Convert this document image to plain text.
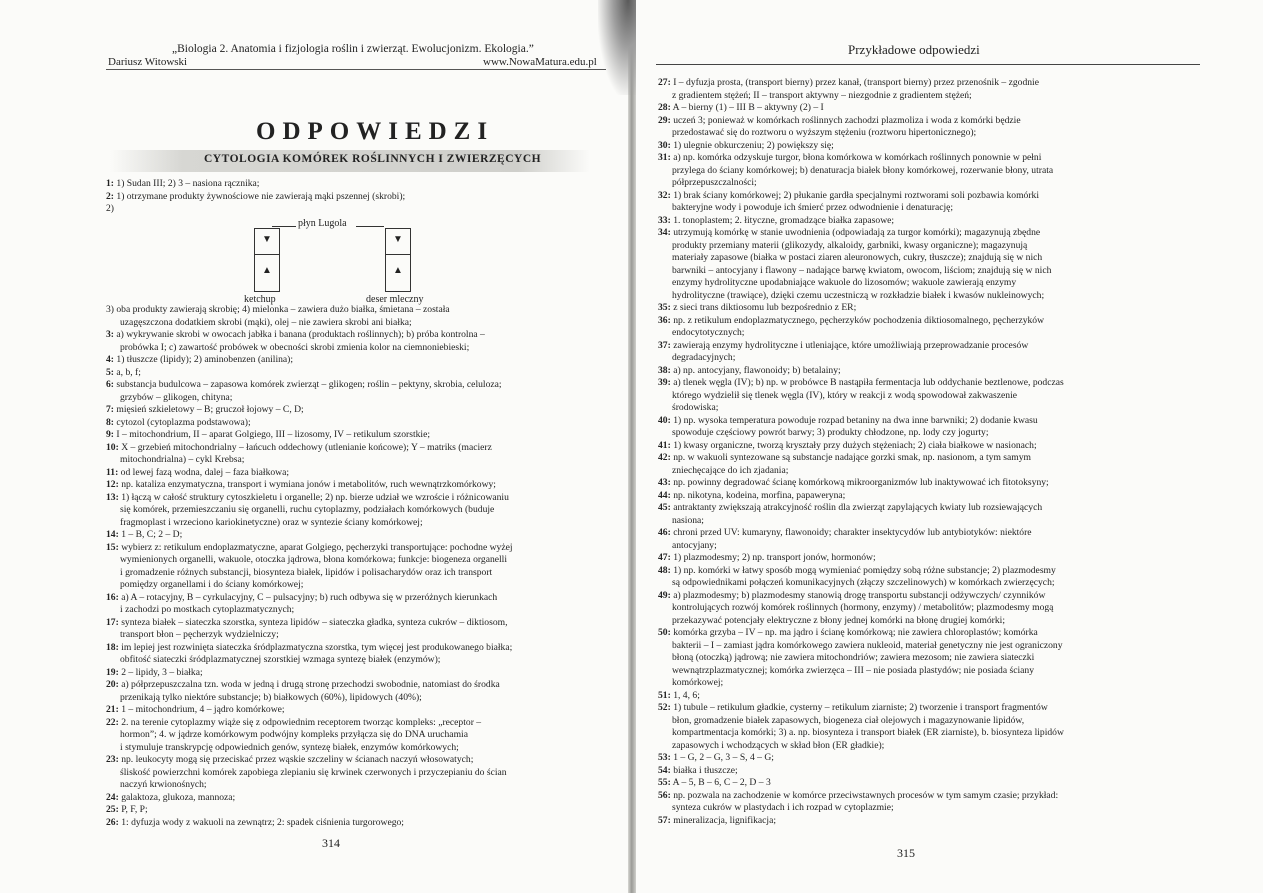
„Biologia 2. Anatomia i fizjologia roślin i zwierząt. Ewolucjonizm. Ekologia.”
Dariusz Witowski	www.NowaMatura.edu.pl
ODPOWIEDZI
CYTOLOGIA KOMÓREK ROŚLINNYCH I ZWIERZĘCYCH
1: 1) Sudan III; 2) 3 – nasiona rącznika;
2: 1) otrzymane produkty żywnościowe nie zawierają mąki pszennej (skrobi);
2)
płyn Lugola
▼
▲
▼
▲
ketchup	deser mleczny
3) oba produkty zawierają skrobię; 4) mielonka – zawiera dużo białka, śmietana – została
uzagęszczona dodatkiem skrobi (mąki), olej – nie zawiera skrobi ani białka;
3: a) wykrywanie skrobi w owocach jabłka i banana (produktach roślinnych); b) próba kontrolna –
probówka I; c) zawartość probówek w obecności skrobi zmienia kolor na ciemnoniebieski;
4: 1) tłuszcze (lipidy); 2) aminobenzen (anilina);
5: a, b, f;
6: substancja budulcowa – zapasowa komórek zwierząt – glikogen; roślin – pektyny, skrobia, celuloza;
grzybów – glikogen, chityna;
7: mięsień szkieletowy – B; gruczoł łojowy – C, D;
8: cytozol (cytoplazma podstawowa);
9: I – mitochondrium, II – aparat Golgiego, III – lizosomy, IV – retikulum szorstkie;
10: X – grzebień mitochondrialny – łańcuch oddechowy (utlenianie końcowe); Y – matriks (macierz
mitochondrialna) – cykl Krebsa;
11: od lewej fazą wodna, dalej – faza białkowa;
12: np. kataliza enzymatyczna, transport i wymiana jonów i metabolitów, ruch wewnątrzkomórkowy;
13: 1) łączą w całość struktury cytoszkieletu i organelle; 2) np. bierze udział we wzroście i różnicowaniu
się komórek, przemieszczaniu się organelli, ruchu cytoplazmy, podziałach komórkowych (buduje
fragmoplast i wrzeciono kariokinetyczne) oraz w syntezie ściany komórkowej;
14: 1 – B, C; 2 – D;
15: wybierz z: retikulum endoplazmatyczne, aparat Golgiego, pęcherzyki transportujące: pochodne wyżej
wymienionych organelli, wakuole, otoczka jądrowa, błona komórkowa; funkcje: biogeneza organelli
i gromadzenie różnych substancji, biosynteza białek, lipidów i polisacharydów oraz ich transport
pomiędzy organellami i do ściany komórkowej;
16: a) A – rotacyjny, B – cyrkulacyjny, C – pulsacyjny; b) ruch odbywa się w przeróżnych kierunkach
i zachodzi po mostkach cytoplazmatycznych;
17: synteza białek – siateczka szorstka, synteza lipidów – siateczka gładka, synteza cukrów – diktiosom,
transport błon – pęcherzyk wydzielniczy;
18: im lepiej jest rozwinięta siateczka śródplazmatyczna szorstka, tym więcej jest produkowanego białka;
obfitość siateczki śródplazmatycznej szorstkiej wzmaga syntezę białek (enzymów);
19: 2 – lipidy, 3 – białka;
20: a) półprzepuszczalna tzn. woda w jedną i drugą stronę przechodzi swobodnie, natomiast do środka
przenikają tylko niektóre substancje; b) białkowych (60%), lipidowych (40%);
21: 1 – mitochondrium, 4 – jądro komórkowe;
22: 2. na terenie cytoplazmy wiąże się z odpowiednim receptorem tworząc kompleks: „receptor –
hormon”; 4. w jądrze komórkowym podwójny kompleks przyłącza się do DNA uruchamia
i stymuluje transkrypcję odpowiednich genów, syntezę białek, enzymów komórkowych;
23: np. leukocyty mogą się przeciskać przez wąskie szczeliny w ścianach naczyń włosowatych;
śliskość powierzchni komórek zapobiega zlepianiu się krwinek czerwonych i przyczepianiu do ścian
naczyń krwionośnych;
24: galaktoza, glukoza, mannoza;
25: P, F, P;
26: 1: dyfuzja wody z wakuoli na zewnątrz; 2: spadek ciśnienia turgorowego;
314
Przykładowe odpowiedzi
27: I – dyfuzja prosta, (transport bierny) przez kanał, (transport bierny) przez przenośnik – zgodnie
z gradientem stężeń; II – transport aktywny – niezgodnie z gradientem stężeń;
28: A – bierny (1) – III B – aktywny (2) – I
29: uczeń 3; ponieważ w komórkach roślinnych zachodzi plazmoliza i woda z komórki będzie
przedostawać się do roztworu o wyższym stężeniu (roztworu hipertonicznego);
30: 1) ulegnie obkurczeniu; 2) powiększy się;
31: a) np. komórka odzyskuje turgor, błona komórkowa w komórkach roślinnych ponownie w pełni
przylega do ściany komórkowej; b) denaturacja białek błony komórkowej, rozerwanie błony, utrata
półprzepuszczalności;
32: 1) brak ściany komórkowej; 2) płukanie gardła specjalnymi roztworami soli pozbawia komórki
bakteryjne wody i powoduje ich śmierć przez odwodnienie i denaturację;
33: 1. tonoplastem; 2. łityczne, gromadzące białka zapasowe;
34: utrzymują komórkę w stanie uwodnienia (odpowiadają za turgor komórki); magazynują zbędne
produkty przemiany materii (glikozydy, alkaloidy, garbniki, kwasy organiczne); magazynują
materiały zapasowe (białka w postaci ziaren aleuronowych, cukry, tłuszcze); znajdują się w nich
barwniki – antocyjany i flawony – nadające barwę kwiatom, owocom, liściom; znajdują się w nich
enzymy hydrolityczne upodabniające wakuole do lizosomów; wakuole zawierają enzymy
hydrolityczne (trawiące), dzięki czemu uczestniczą w rozkładzie białek i kwasów nukleinowych;
35: z sieci trans diktiosomu lub bezpośrednio z ER;
36: np. z retikulum endoplazmatycznego, pęcherzyków pochodzenia diktiosomalnego, pęcherzyków
endocytotycznych;
37: zawierają enzymy hydrolityczne i utleniające, które umożliwiają przeprowadzanie procesów
degradacyjnych;
38: a) np. antocyjany, flawonoidy; b) betalainy;
39: a) tlenek węgla (IV); b) np. w probówce B nastąpiła fermentacja lub oddychanie beztlenowe, podczas
którego wydzielił się tlenek węgla (IV), który w reakcji z wodą spowodował zakwaszenie
środowiska;
40: 1) np. wysoka temperatura powoduje rozpad betaniny na dwa inne barwniki; 2) dodanie kwasu
spowoduje częściowy powrót barwy; 3) produkty chłodzone, np. lody czy jogurty;
41: 1) kwasy organiczne, tworzą kryształy przy dużych stężeniach; 2) ciała białkowe w nasionach;
42: np. w wakuoli syntezowane są substancje nadające gorzki smak, np. nasionom, a tym samym
zniechęcające do ich zjadania;
43: np. powinny degradować ścianę komórkową mikroorganizmów lub inaktywować ich fitotoksyny;
44: np. nikotyna, kodeina, morfina, papaweryna;
45: antraktanty zwiększają atrakcyjność roślin dla zwierząt zapylających kwiaty lub rozsiewających
nasiona;
46: chroni przed UV: kumaryny, flawonoidy; charakter insektycydów lub antybiotyków: niektóre
antocyjany;
47: 1) plazmodesmy; 2) np. transport jonów, hormonów;
48: 1) np. komórki w łatwy sposób mogą wymieniać pomiędzy sobą różne substancje; 2) plazmodesmy
są odpowiednikami połączeń komunikacyjnych (złączy szczelinowych) w komórkach zwierzęcych;
49: a) plazmodesmy; b) plazmodesmy stanowią drogę transportu substancji odżywczych/ czynników
kontrolujących rozwój komórek roślinnych (hormony, enzymy) / metabolitów; plazmodesmy mogą
przekazywać potencjały elektryczne z błony jednej komórki na błonę drugiej komórki;
50: komórka grzyba – IV – np. ma jądro i ścianę komórkową; nie zawiera chloroplastów; komórka
bakterii – I – zamiast jądra komórkowego zawiera nukleoid, materiał genetyczny nie jest ograniczony
błoną (otoczką) jądrową; nie zawiera mitochondriów; zawiera mezosom; nie zawiera siateczki
wewnątrzplazmatycznej; komórka zwierzęca – III – nie posiada plastydów; nie posiada ściany
komórkowej;
51: 1, 4, 6;
52: 1) tubule – retikulum gładkie, cysterny – retikulum ziarniste; 2) tworzenie i transport fragmentów
błon, gromadzenie białek zapasowych, biogeneza ciał olejowych i magazynowanie lipidów,
kompartmentacja komórki; 3) a. np. biosynteza i transport białek (ER ziarniste), b. biosynteza lipidów
zapasowych i wchodzących w skład błon (ER gładkie);
53: 1 – G, 2 – G, 3 – S, 4 – G;
54: białka i tłuszcze;
55: A – 5, B – 6, C – 2, D – 3
56: np. pozwala na zachodzenie w komórce przeciwstawnych procesów w tym samym czasie; przykład:
synteza cukrów w plastydach i ich rozpad w cytoplazmie;
57: mineralizacja, lignifikacja;
315
